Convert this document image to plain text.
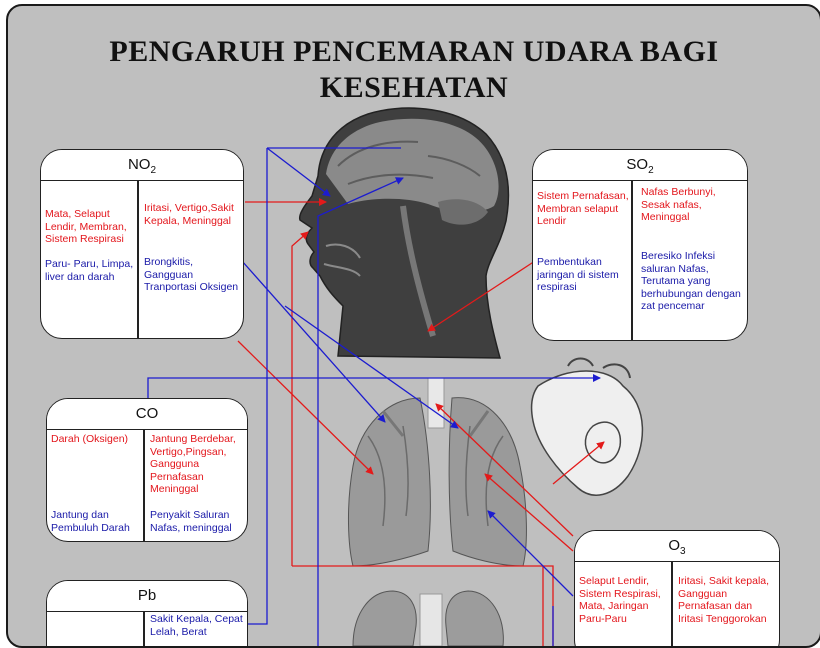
PENGARUH PENCEMARAN UDARA BAGI
KESEHATAN
$NO_2$
Mata, Selaput Lendir, Membran, Sistem Respirasi
Iritasi, Vertigo,Sakit Kepala, Meninggal
Paru- Paru, Limpa, liver dan darah
Brongkitis, Gangguan Tranportasi Oksigen
$SO_2$
Sistem Pernafasan, Membran selaput Lendir
Nafas Berbunyi, Sesak nafas, Meninggal
Pembentukan jaringan di sistem respirasi
Beresiko Infeksi saluran Nafas, Terutama yang berhubungan dengan zat pencemar
CO
Darah (Oksigen)	Jantung Berdebar, Vertigo,Pingsan, Gangguna Pernafasan Meninggal
Jantung dan Pembuluh Darah
Penyakit Saluran Nafas, meninggal
$O_3$
Selaput Lendir, Sistem Respirasi, Mata, Jaringan Paru-Paru
Iritasi, Sakit kepala, Gangguan Pernafasan dan Iritasi Tenggorokan
Pb
Sakit Kepala, Cepat Lelah, Berat
